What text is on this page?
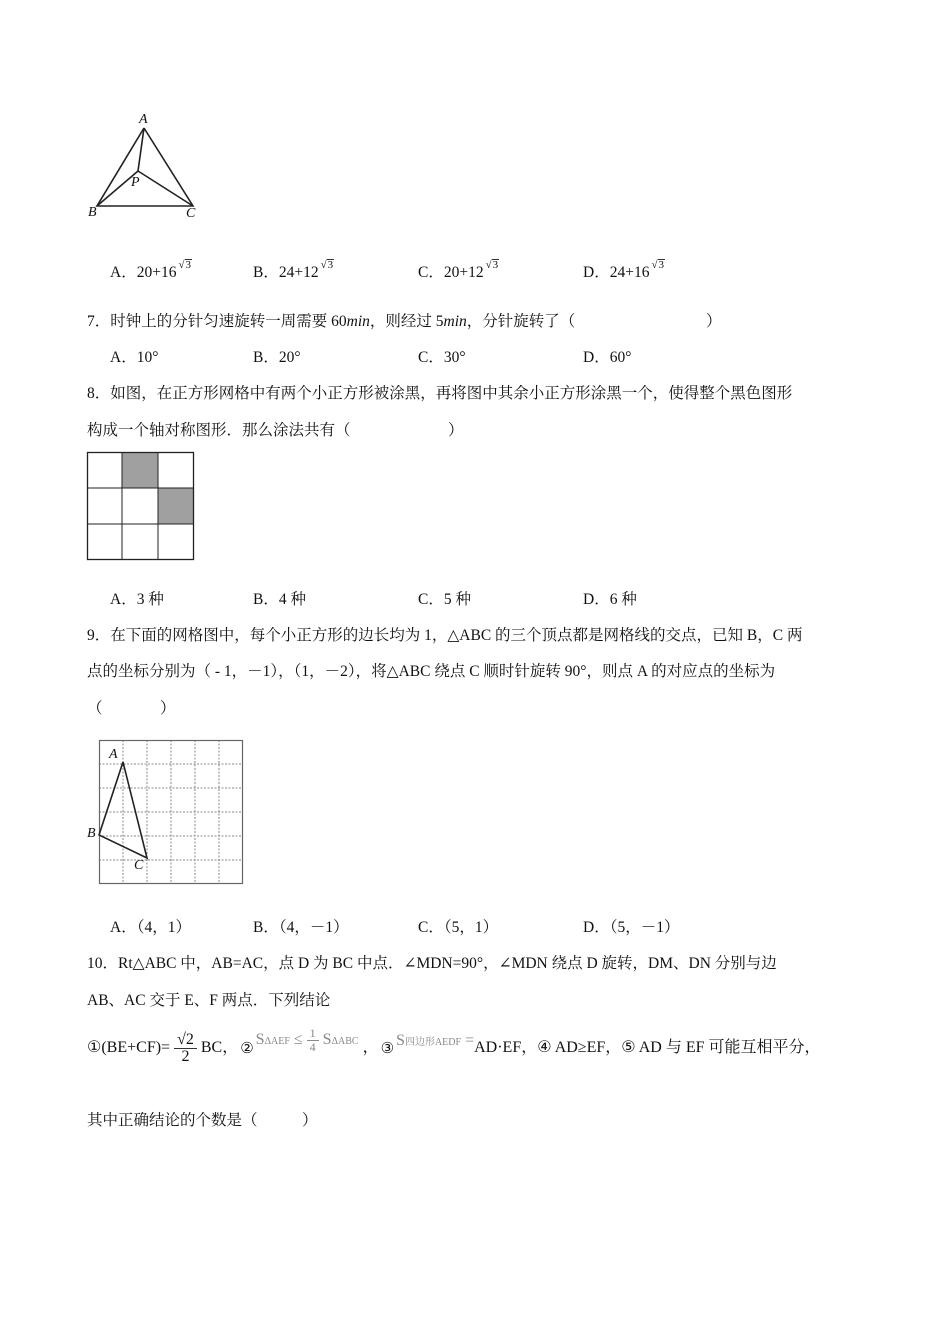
A
P
B	C
A．20+16 $^{√3}$	B．24+12 $^{√3}$	C．20+12 $^{√3}$	D．24+16 $^{√3}$
7．时钟上的分针匀速旋转一周需要 60min，则经过 5min，分针旋转了（	）
A．10°	B．20°	C．30°	D．60°
8．如图，在正方形网格中有两个小正方形被涂黑，再将图中其余小正方形涂黑一个，使得整个黑色图形
构成一个轴对称图形．那么涂法共有（	）
A．3 种	B．4 种	C．5 种	D．6 种
9．在下面的网格图中，每个小正方形的边长均为 1，△ABC 的三个顶点都是网格线的交点，已知 B，C 两
点的坐标分别为（ - 1，－1），（1，－2），将△ABC 绕点 C 顺时针旋转 90°，则点 A 的对应点的坐标为
（	）
A
B
C
A．（4，1）	B．（4，－1）	C．（5，1）	D．（5，－1）
10．Rt△ABC 中，AB=AC，点 D 为 BC 中点．∠MDN=90°，∠MDN 绕点 D 旋转，DM、DN 分别与边
AB、AC 交于 E、F 两点．下列结论
①(BE+CF)= $\frac{√2}{2}$ BC， ② $S\Delta AEF \le \frac{1}{4}$ SΔABC ， ③ S四边形AEDF = AD·EF， ④ AD≥EF， ⑤ AD 与 EF 可能互相平分，
其中正确结论的个数是（	）
